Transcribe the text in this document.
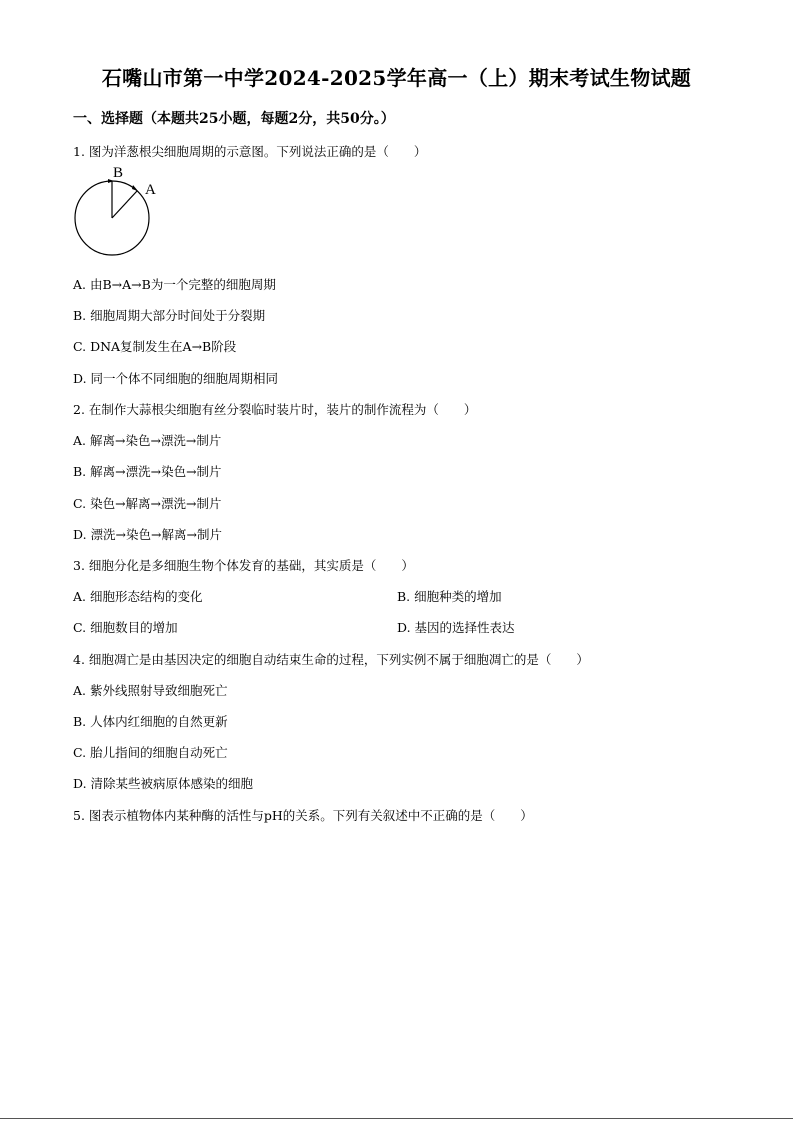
石嘴山市第一中学2024-2025学年高一（上）期末考试生物试题
一、选择题（本题共25小题，每题2分，共50分。）
1. 图为洋葱根尖细胞周期的示意图。下列说法正确的是（　　）
B
A
A. 由B→A→B为一个完整的细胞周期
B. 细胞周期大部分时间处于分裂期
C. DNA复制发生在A→B阶段
D. 同一个体不同细胞的细胞周期相同
2. 在制作大蒜根尖细胞有丝分裂临时装片时，装片的制作流程为（　　）
A. 解离→染色→漂洗→制片
B. 解离→漂洗→染色→制片
C. 染色→解离→漂洗→制片
D. 漂洗→染色→解离→制片
3. 细胞分化是多细胞生物个体发育的基础，其实质是（　　）
A. 细胞形态结构的变化	B. 细胞种类的增加
C. 细胞数目的增加	D. 基因的选择性表达
4. 细胞凋亡是由基因决定的细胞自动结束生命的过程，下列实例不属于细胞凋亡的是（　　）
A. 紫外线照射导致细胞死亡
B. 人体内红细胞的自然更新
C. 胎儿指间的细胞自动死亡
D. 清除某些被病原体感染的细胞
5. 图表示植物体内某种酶的活性与pH的关系。下列有关叙述中不正确的是（　　）
